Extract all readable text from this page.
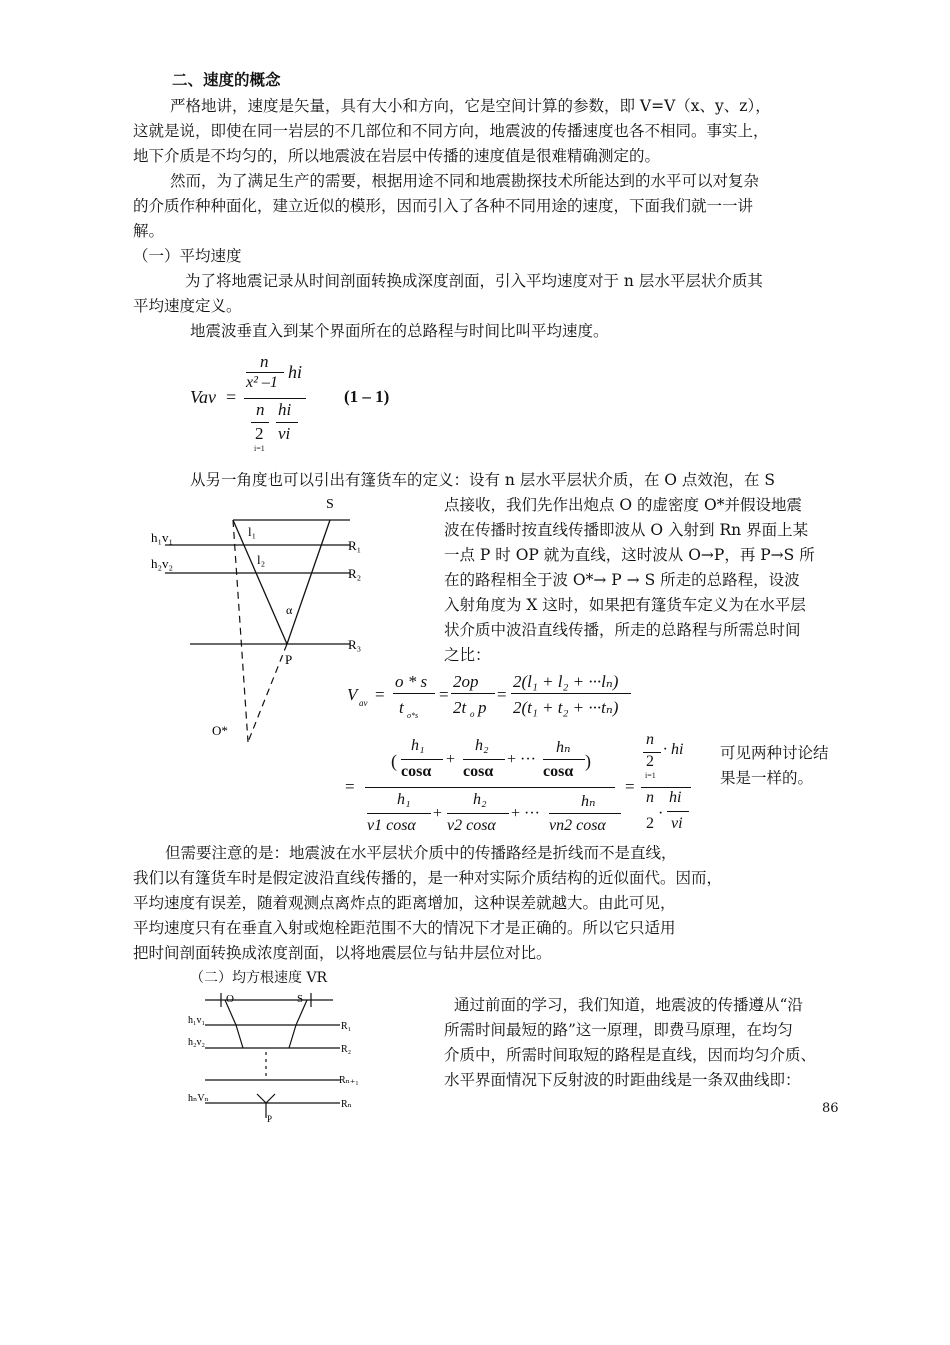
二、速度的概念
严格地讲，速度是矢量，具有大小和方向，它是空间计算的参数，即 V=V（x、y、z），
这就是说，即使在同一岩层的不几部位和不同方向，地震波的传播速度也各不相同。事实上，
地下介质是不均匀的，所以地震波在岩层中传播的速度值是很难精确测定的。
然而，为了满足生产的需要，根据用途不同和地震勘探技术所能达到的水平可以对复杂
的介质作种种面化，建立近似的模形，因而引入了各种不同用途的速度，下面我们就一一讲
解。
（一）平均速度
为了将地震记录从时间剖面转换成深度剖面，引入平均速度对于 n 层水平层状介质其
平均速度定义。
地震波垂直入到某个界面所在的总路程与时间比叫平均速度。
Vav =
n
x² –1
hi
n hi
2 vi
i=1
(1 – 1)
从另一角度也可以引出有篷货车的定义：设有 n 层水平层状介质，在 O 点效泡，在 S
S
h₁v₁
h₂v₂
l₁
l₂
R₁
R₂
R₃
α
P
O*
点接收，我们先作出炮点 O 的虚密度 O*并假设地震
波在传播时按直线传播即波从 O 入射到 Rn 界面上某
一点 P 时 OP 就为直线，这时波从 O→P，再 P→S 所
在的路程相全于波 O*→ P → S 所走的总路程，设波
入射角度为 X 这时，如果把有篷货车定义为在水平层
状介质中波沿直线传播，所走的总路程与所需总时间
之比：
V av =
o * s
t o*s
=
2op
2t o p
=
2(l₁ + l₂ + ···lₙ)
2(t₁ + t₂ + ···tₙ)
=
(
h₁
cosα
+
h₂
cosα
+ ···
hₙ
cosα
)
h₁
v1 cosα
+
h₂
v2 cosα
+ ···
hₙ
vn2 cosα
=
n
2
i=1
· hi
n
2
·
hi
vi
可见两种讨论结
果是一样的。
但需要注意的是：地震波在水平层状介质中的传播路经是折线而不是直线，
我们以有篷货车时是假定波沿直线传播的，是一种对实际介质结构的近似面代。因而，
平均速度有误差，随着观测点离炸点的距离增加，这种误差就越大。由此可见，
平均速度只有在垂直入射或炮栓距范围不大的情况下才是正确的。所以它只适用
把时间剖面转换成浓度剖面，以将地震层位与钻井层位对比。
（二）均方根速度 VR
O	S
h₁v₁
h₂v₂
hₙVₙ
R₁
R₂
Rₙ₊₁
Rₙ
P
通过前面的学习，我们知道，地震波的传播遵从“沿
所需时间最短的路”这一原理，即费马原理，在均匀
介质中，所需时间取短的路程是直线，因而均匀介质、
水平界面情况下反射波的时距曲线是一条双曲线即：
86
